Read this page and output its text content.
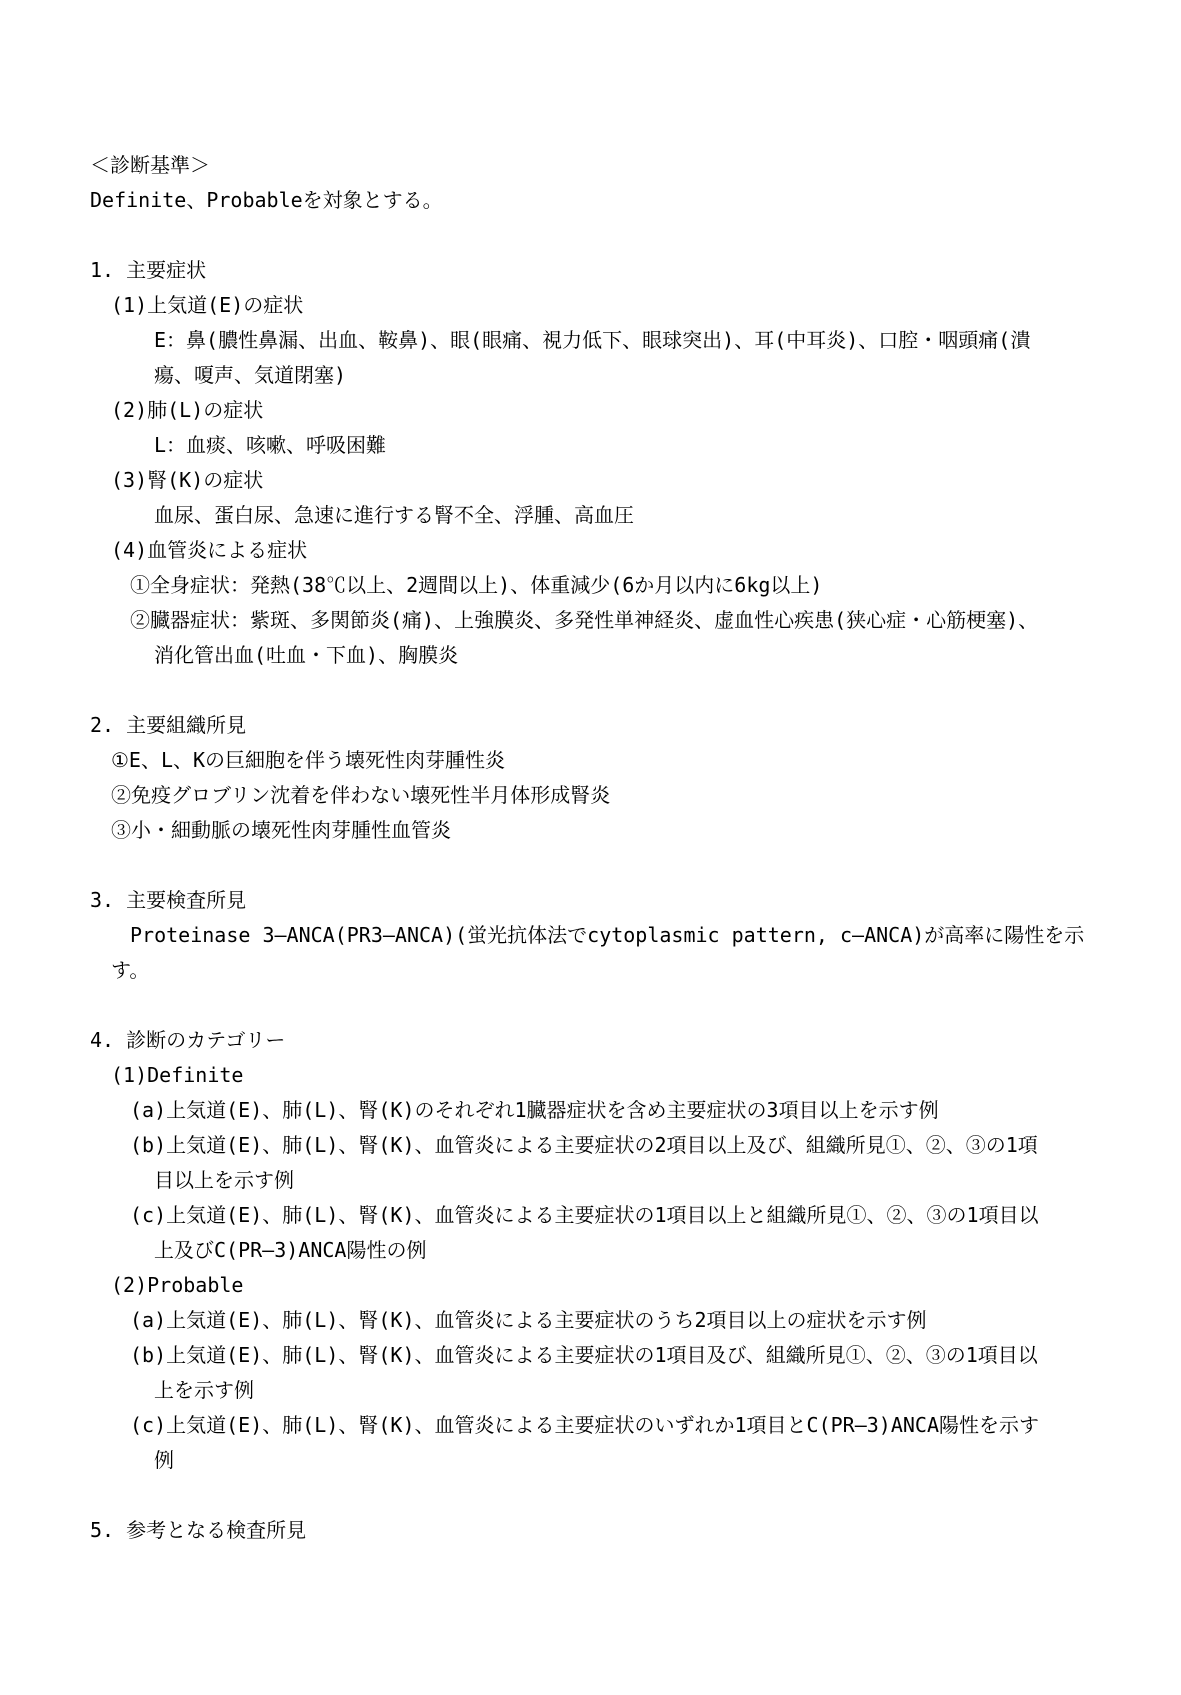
＜診断基準＞
Definite、Probableを対象とする。
1. 主要症状
(1)上気道(E)の症状
E：鼻(膿性鼻漏、出血、鞍鼻)、眼(眼痛、視力低下、眼球突出)、耳(中耳炎)、口腔・咽頭痛(潰
瘍、嗄声、気道閉塞)
(2)肺(L)の症状
L：血痰、咳嗽、呼吸困難
(3)腎(K)の症状
血尿、蛋白尿、急速に進行する腎不全、浮腫、高血圧
(4)血管炎による症状
①全身症状：発熱(38℃以上、2週間以上)、体重減少(6か月以内に6kg以上)
②臓器症状：紫斑、多関節炎(痛)、上強膜炎、多発性単神経炎、虚血性心疾患(狭心症・心筋梗塞)、
消化管出血(吐血・下血)、胸膜炎
2. 主要組織所見
①E、L、Kの巨細胞を伴う壊死性肉芽腫性炎
②免疫グロブリン沈着を伴わない壊死性半月体形成腎炎
③小・細動脈の壊死性肉芽腫性血管炎
3. 主要検査所見
Proteinase 3—ANCA(PR3—ANCA)(蛍光抗体法でcytoplasmic pattern, c—ANCA)が高率に陽性を示
す。
4. 診断のカテゴリー
(1)Definite
(a)上気道(E)、肺(L)、腎(K)のそれぞれ1臓器症状を含め主要症状の3項目以上を示す例
(b)上気道(E)、肺(L)、腎(K)、血管炎による主要症状の2項目以上及び、組織所見①、②、③の1項
目以上を示す例
(c)上気道(E)、肺(L)、腎(K)、血管炎による主要症状の1項目以上と組織所見①、②、③の1項目以
上及びC(PR—3)ANCA陽性の例
(2)Probable
(a)上気道(E)、肺(L)、腎(K)、血管炎による主要症状のうち2項目以上の症状を示す例
(b)上気道(E)、肺(L)、腎(K)、血管炎による主要症状の1項目及び、組織所見①、②、③の1項目以
上を示す例
(c)上気道(E)、肺(L)、腎(K)、血管炎による主要症状のいずれか1項目とC(PR—3)ANCA陽性を示す
例
5. 参考となる検査所見
